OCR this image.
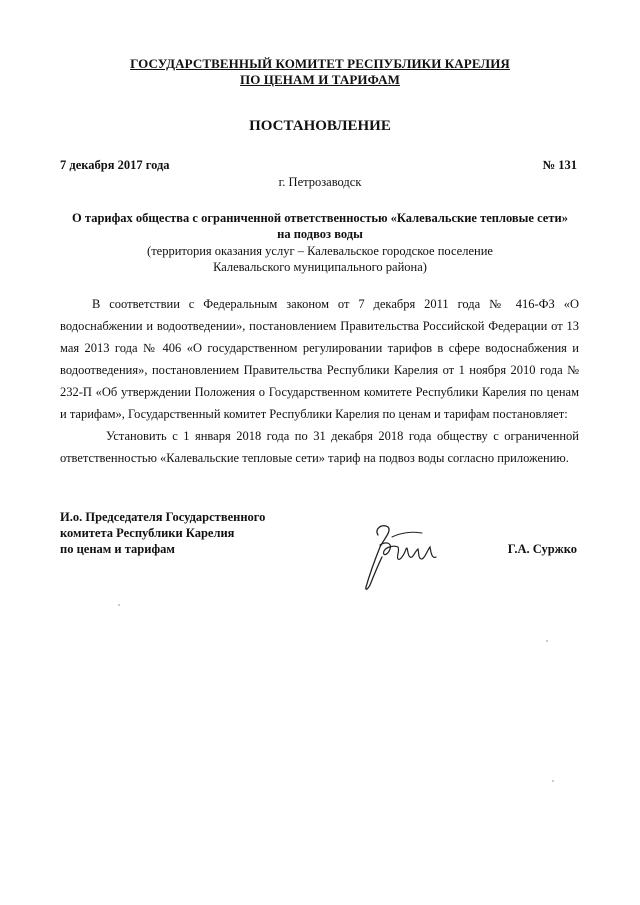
ГОСУДАРСТВЕННЫЙ КОМИТЕТ РЕСПУБЛИКИ КАРЕЛИЯ
ПО ЦЕНАМ И ТАРИФАМ
ПОСТАНОВЛЕНИЕ
7 декабря 2017 года	№ 131
г. Петрозаводск
О тарифах общества с ограниченной ответственностью «Калевальские тепловые сети»
на подвоз воды
(территория оказания услуг – Калевальское городское поселение
Калевальского муниципального района)
В соответствии с Федеральным законом от 7 декабря 2011 года № 416-ФЗ «О водоснабжении и водоотведении», постановлением Правительства Российской Федерации от 13 мая 2013 года № 406 «О государственном регулировании тарифов в сфере водоснабжения и водоотведения», постановлением Правительства Республики Карелия от 1 ноября 2010 года № 232-П «Об утверждении Положения о Государственном комитете Республики Карелия по ценам и тарифам», Государственный комитет Республики Карелия по ценам и тарифам постановляет:
Установить с 1 января 2018 года по 31 декабря 2018 года обществу с ограниченной ответственностью «Калевальские тепловые сети» тариф на подвоз воды согласно приложению.
И.о. Председателя Государственного
комитета Республики Карелия
по ценам и тарифам	Г.А. Суржко
